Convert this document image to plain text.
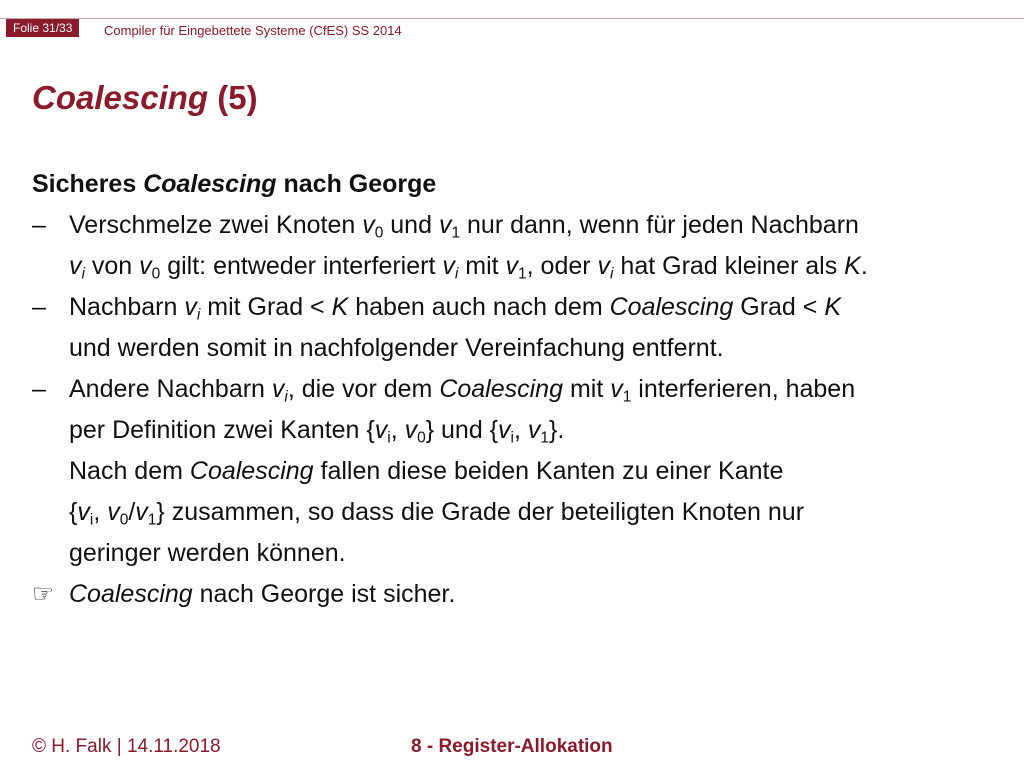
Folie 31/33	Compiler für Eingebettete Systeme (CfES) SS 2014
Coalescing (5)
Sicheres Coalescing nach George
– Verschmelze zwei Knoten $v_0$ und $v_1$ nur dann, wenn für jeden Nachbarn
$v_i$ von $v_0$ gilt: entweder interferiert $v_i$ mit $v_1$, oder $v_i$ hat Grad kleiner als K.
– Nachbarn $v_i$ mit Grad < K haben auch nach dem Coalescing Grad < K
und werden somit in nachfolgender Vereinfachung entfernt.
– Andere Nachbarn $v_i$, die vor dem Coalescing mit $v_1$ interferieren, haben
per Definition zwei Kanten {$v_i$, $v_0$} und {$v_i$, $v_1$}.
Nach dem Coalescing fallen diese beiden Kanten zu einer Kante
{$v_i$, $v_0/v_1$} zusammen, so dass die Grade der beteiligten Knoten nur
geringer werden können.
☞ Coalescing nach George ist sicher.
© H. Falk | 14.11.2018	8 - Register-Allokation
